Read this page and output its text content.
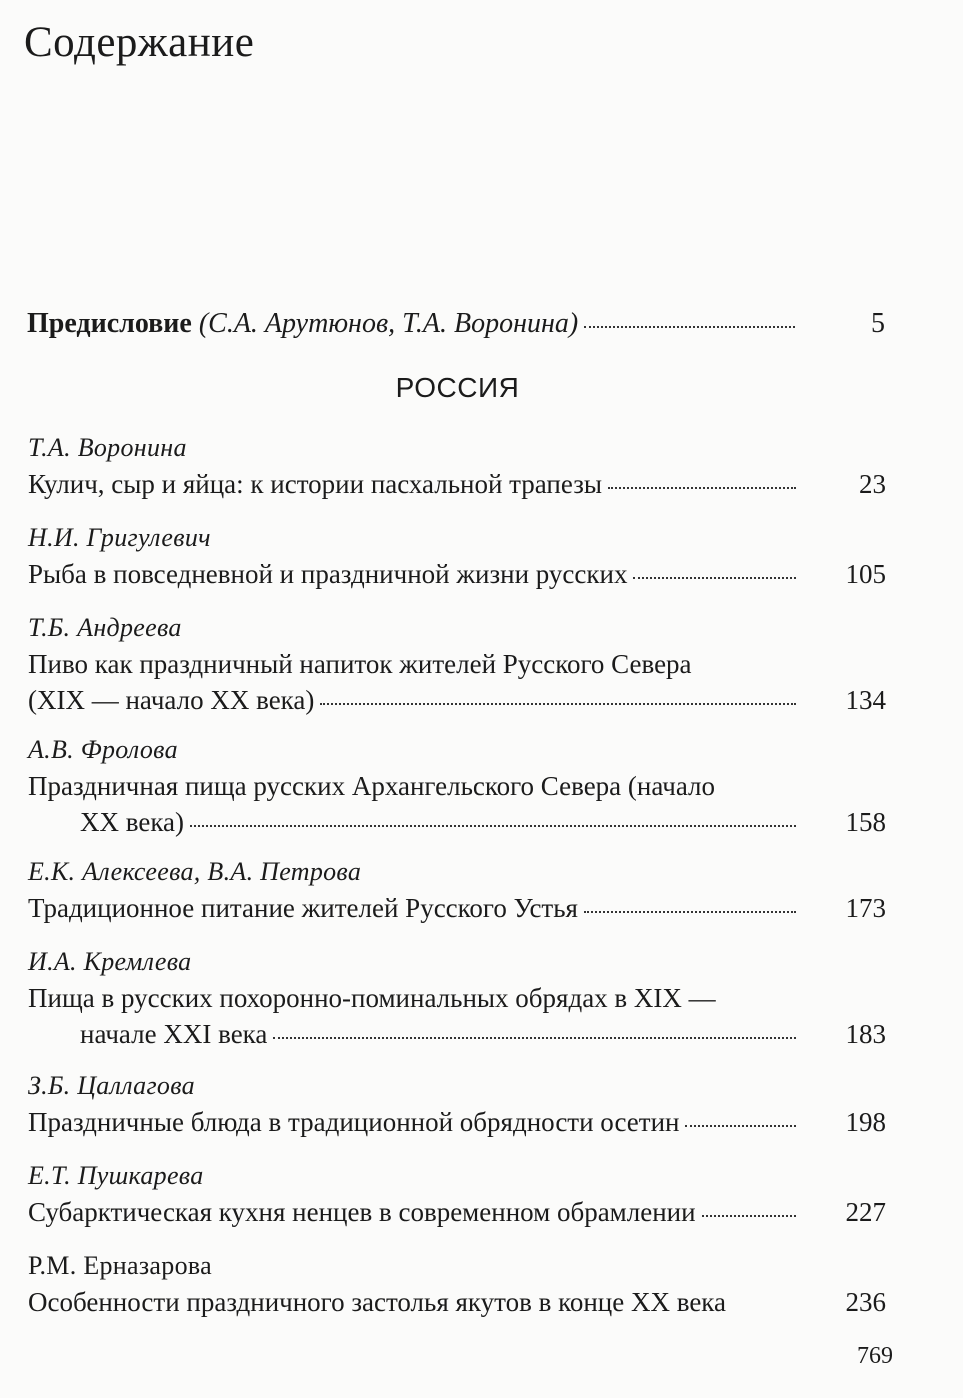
Содержание
Предисловие (С.А. Арутюнов, Т.А. Воронина)	5
РОССИЯ
Т.А. Воронина
Кулич, сыр и яйца: к истории пасхальной трапезы	23
Н.И. Григулевич
Рыба в повседневной и праздничной жизни русских	105
Т.Б. Андреева
Пиво как праздничный напиток жителей Русского Севера
(XIX — начало XX века)	134
А.В. Фролова
Праздничная пища русских Архангельского Севера (начало
XX века)	158
Е.К. Алексеева, В.А. Петрова
Традиционное питание жителей Русского Устья	173
И.А. Кремлева
Пища в русских похоронно-поминальных обрядах в XIX —
начале XXI века	183
З.Б. Цаллагова
Праздничные блюда в традиционной обрядности осетин	198
Е.Т. Пушкарева
Субарктическая кухня ненцев в современном обрамлении	227
Р.М. Ерназарова
Особенности праздничного застолья якутов в конце XX века	236
769
